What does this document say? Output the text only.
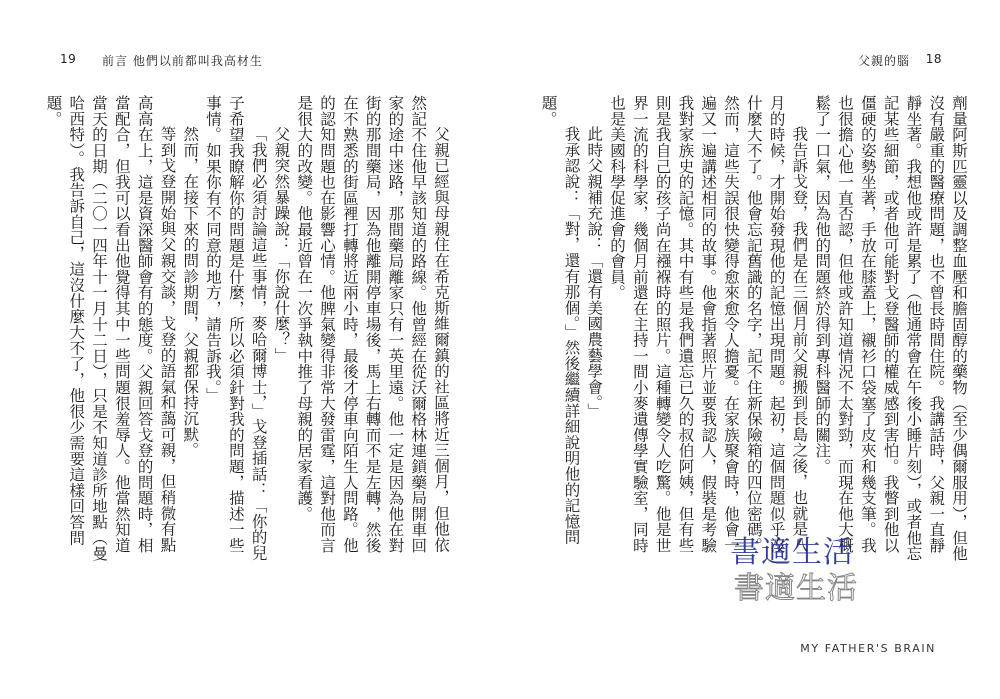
19 前言 他們以前都叫我高材生

父親已經與母親住在希克斯維爾鎮的社區將近三個月，但他依然記不住他早該知道的路線。他曾經在從沃爾格林連鎖藥局開車回家的途中迷路，那間藥局離家只有一英里遠。他一定是因為他在對街的那間藥局，因為他離開停車場後，馬上右轉而不是左轉，然後在不熟悉的街區裡打轉將近兩小時，最後才停車向陌生人問路。他的認知問題也在影響心情。他脾氣變得非常大發雷霆，這對他而言是很大的改變。他最近曾在一次爭執中推了母親的居家看護。

父親突然暴躁說：「你說什麼？」

「我們必須討論這些事情，麥哈爾博士，」戈登插話：「你的兒子希望我瞭解你的問題是什麼，所以必須針對我的問題，描述一些事情。如果你有不同意的地方，請告訴我。」

然而，在接下來的問診期間，父親都保持沉默。

等到戈登開始與父親交談，戈登的語氣和藹可親，但稍微有點高高在上，這是資深醫師會有的態度。父親回答戈登的問題時，相當配合，但我可以看出他覺得其中一些問題很羞辱人。他當然知道當天的日期（二〇一四年十一月十二日），只是不知道診所地點（曼哈西特）。我告訴自己，這沒什麼大不了，他很少需要這樣回答問題。

父親的腦 18

劑量阿斯匹靈以及調整血壓和膽固醇的藥物（至少偶爾服用），但他沒有嚴重的醫療問題，也不曾長時間住院。我講話時，父親一直靜靜坐著。我想他或許是累了（他通常會在午後小睡片刻），或者他忘記某些細節，或者他可能對戈登醫師的權威感到害怕。我瞥到他以僵硬的姿勢坐著，手放在膝蓋上，襯衫口袋塞了皮夾和幾支筆。我也很擔心他一直否認，但他或許知道情況不太對勁，而現在他大概鬆了一口氣，因為他的問題終於得到專科醫師的關注。

我告訴戈登，我們是在三個月前父親搬到長島之後，也就是八月的時候，才開始發現他的記憶出現問題。起初，這個問題似乎沒什麼大不了。他會忘記舊識的名字，記不住新保險箱的四位密碼。然而，這些失誤很快變得愈來愈令人擔憂。在家族聚會時，他會一遍又一遍講述相同的故事。他會指著照片並要我認人，假裝是考驗我對家族史的記憶。其中有些是我們遺忘已久的叔伯阿姨，但有些則是我自己的孩子尚在襁褓時的照片。這種轉變令人吃驚。他是世界一流的科學家，幾個月前還在主持一間小麥遺傳學實驗室，同時也是美國科學促進會的會員。

此時父親補充說：「還有美國農藝學會。」

我承認說：「對，還有那個。」然後繼續詳細說明他的記憶問題。

MY FATHER'S BRAIN
書適生活
書適生活
